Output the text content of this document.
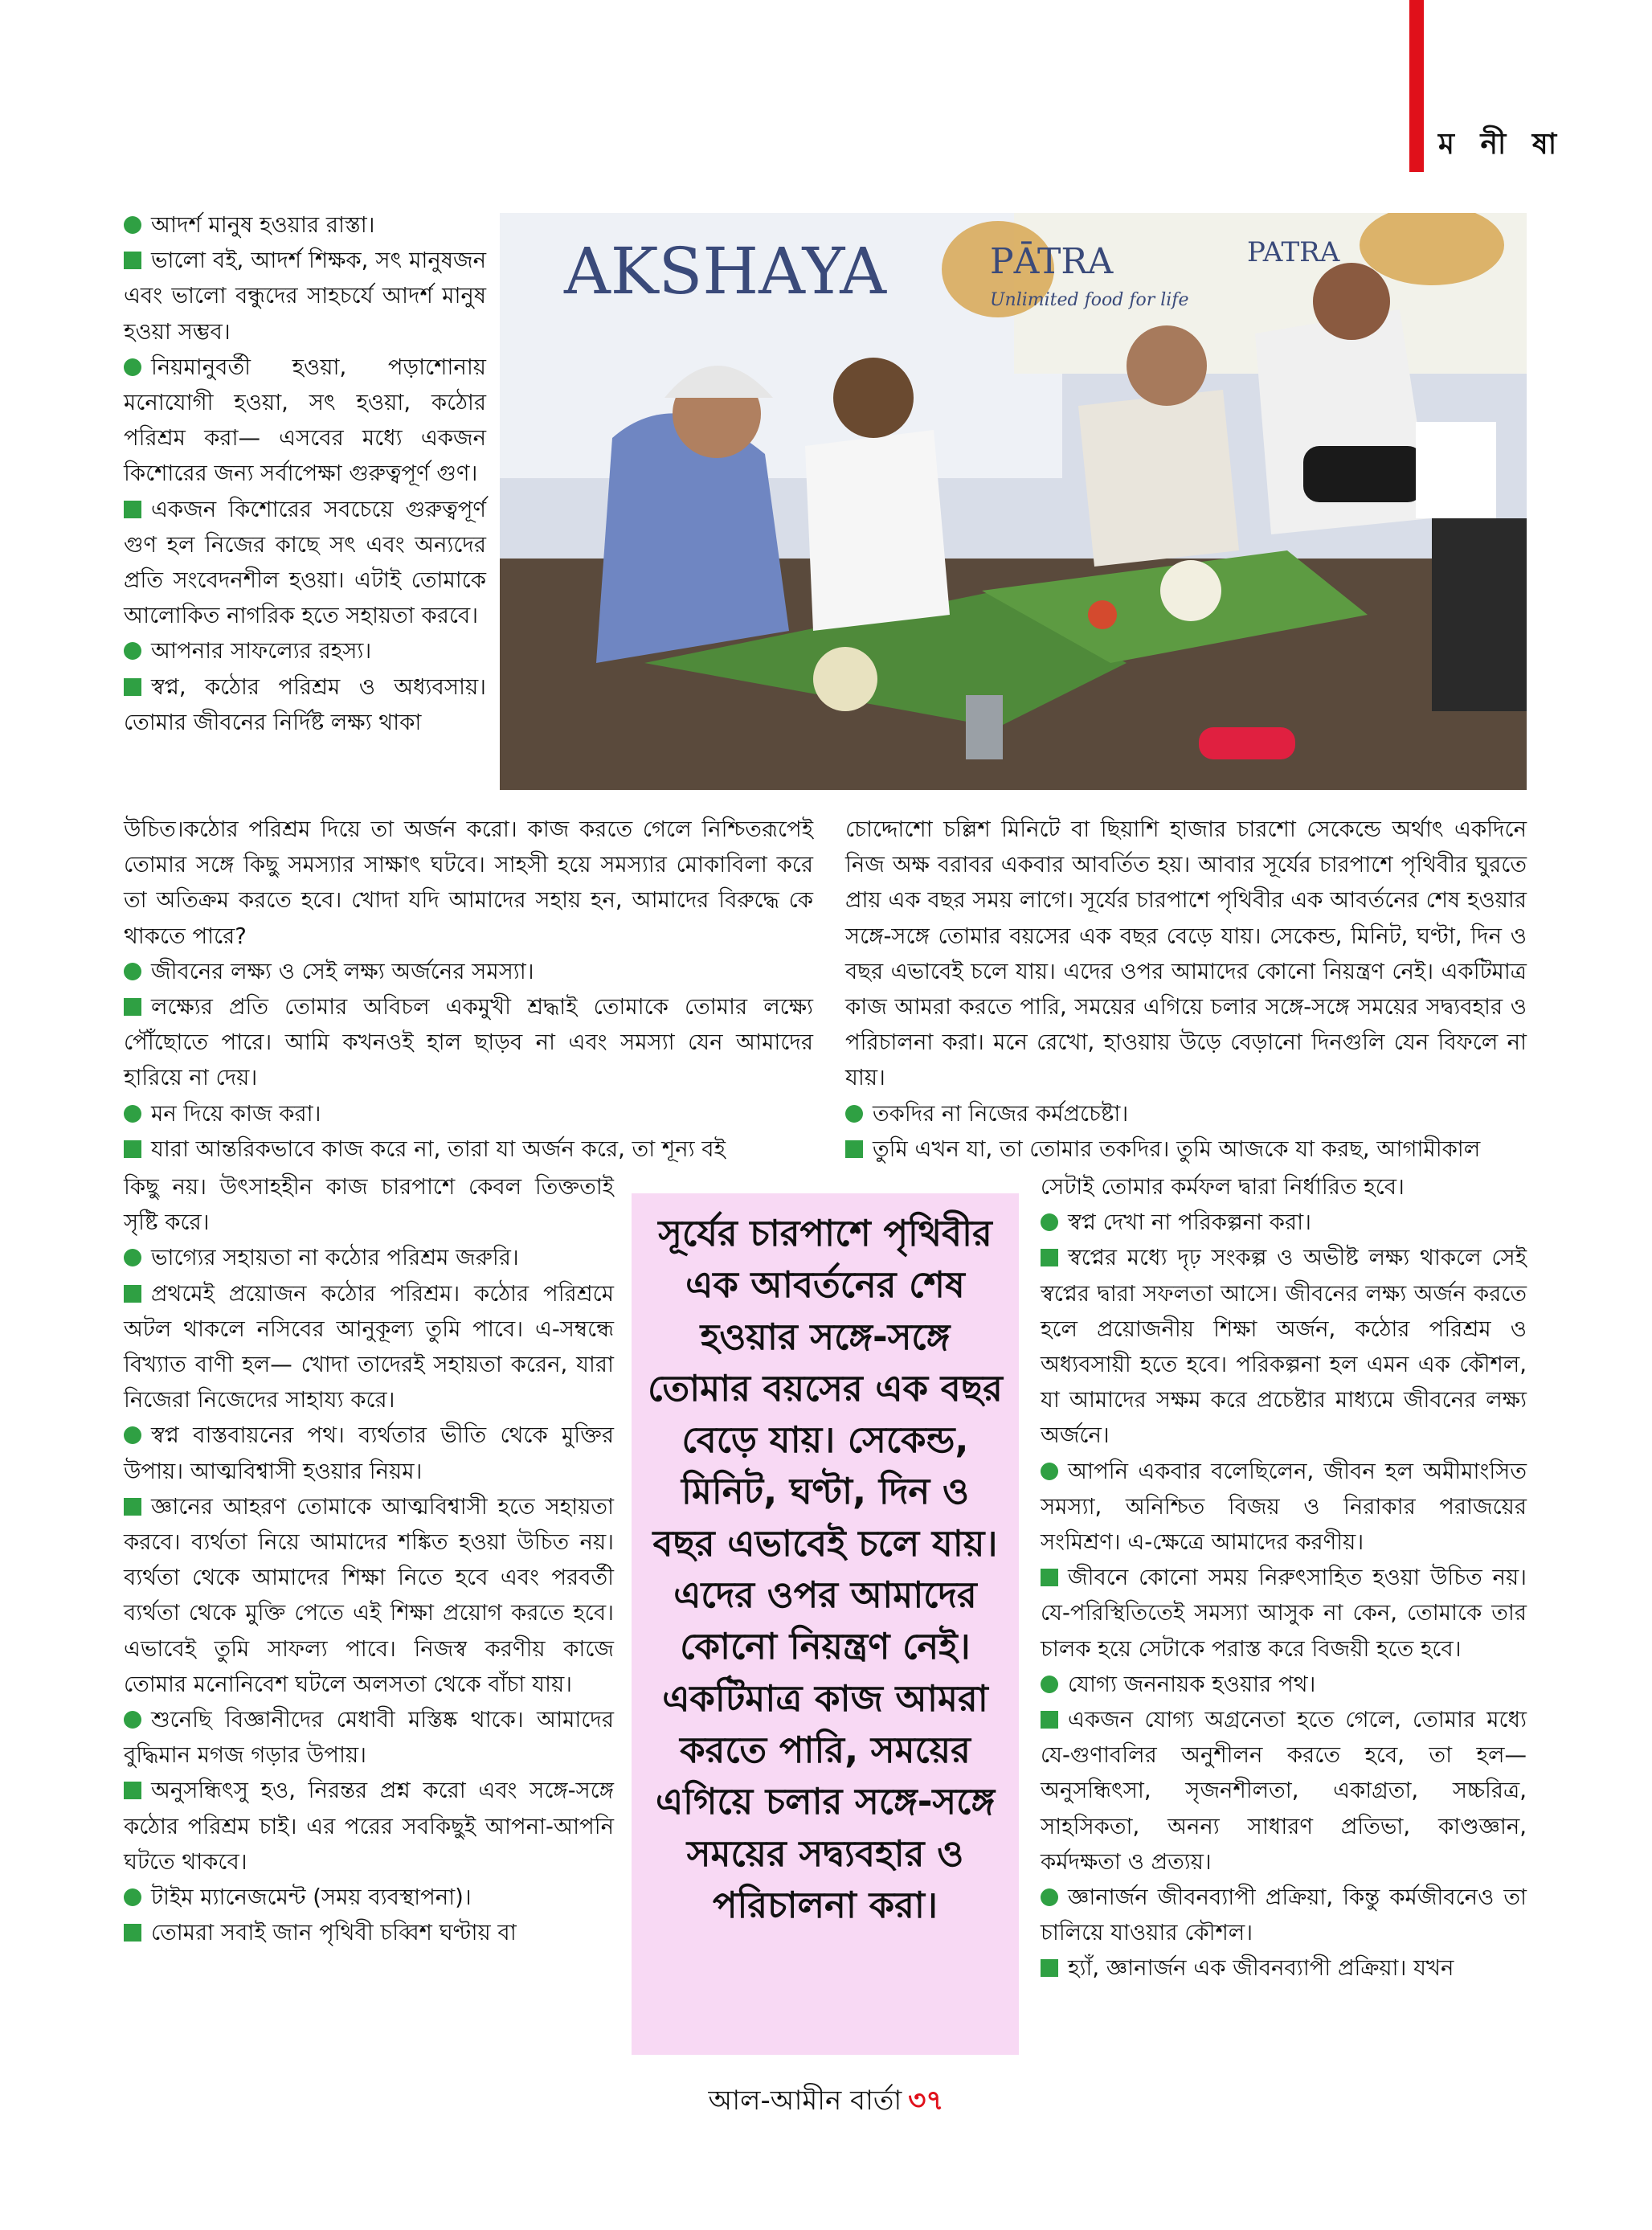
ম নী ষা
AKSHAYA	PĀTRA
Unlimited food for life
PATRA

আদর্শ মানুষ হওয়ার রাস্তা।

ভালো বই, আদর্শ শিক্ষক, সৎ মানুষজন এবং ভালো বন্ধুদের সাহচর্যে আদর্শ মানুষ হওয়া সম্ভব।

নিয়মানুবর্তী হওয়া, পড়াশোনায় মনোযোগী হওয়া, সৎ হওয়া, কঠোর পরিশ্রম করা— এসবের মধ্যে একজন কিশোরের জন্য সর্বাপেক্ষা গুরুত্বপূর্ণ গুণ।

একজন কিশোরের সবচেয়ে গুরুত্বপূর্ণ গুণ হল নিজের কাছে সৎ এবং অন্যদের প্রতি সংবেদনশীল হওয়া। এটাই তোমাকে আলোকিত নাগরিক হতে সহায়তা করবে।

আপনার সাফল্যের রহস্য।

স্বপ্ন, কঠোর পরিশ্রম ও অধ্যবসায়। তোমার জীবনের নির্দিষ্ট লক্ষ্য থাকা

উচিত।কঠোর পরিশ্রম দিয়ে তা অর্জন করো। কাজ করতে গেলে নিশ্চিতরূপেই তোমার সঙ্গে কিছু সমস্যার সাক্ষাৎ ঘটবে। সাহসী হয়ে সমস্যার মোকাবিলা করে তা অতিক্রম করতে হবে। খোদা যদি আমাদের সহায় হন, আমাদের বিরুদ্ধে কে থাকতে পারে?

জীবনের লক্ষ্য ও সেই লক্ষ্য অর্জনের সমস্যা।

লক্ষ্যের প্রতি তোমার অবিচল একমুখী শ্রদ্ধাই তোমাকে তোমার লক্ষ্যে পৌঁছোতে পারে। আমি কখনওই হাল ছাড়ব না এবং সমস্যা যেন আমাদের হারিয়ে না দেয়।

মন দিয়ে কাজ করা।

যারা আন্তরিকভাবে কাজ করে না, তারা যা অর্জন করে, তা শূন্য বই

কিছু নয়। উৎসাহহীন কাজ চারপাশে কেবল তিক্ততাই সৃষ্টি করে।

ভাগ্যের সহায়তা না কঠোর পরিশ্রম জরুরি।

প্রথমেই প্রয়োজন কঠোর পরিশ্রম। কঠোর পরিশ্রমে অটল থাকলে নসিবের আনুকূল্য তুমি পাবে। এ-সম্বন্ধে বিখ্যাত বাণী হল— খোদা তাদেরই সহায়তা করেন, যারা নিজেরা নিজেদের সাহায্য করে।

স্বপ্ন বাস্তবায়নের পথ। ব্যর্থতার ভীতি থেকে মুক্তির উপায়। আত্মবিশ্বাসী হওয়ার নিয়ম।

জ্ঞানের আহরণ তোমাকে আত্মবিশ্বাসী হতে সহায়তা করবে। ব্যর্থতা নিয়ে আমাদের শঙ্কিত হওয়া উচিত নয়। ব্যর্থতা থেকে আমাদের শিক্ষা নিতে হবে এবং পরবর্তী ব্যর্থতা থেকে মুক্তি পেতে এই শিক্ষা প্রয়োগ করতে হবে। এভাবেই তুমি সাফল্য পাবে। নিজস্ব করণীয় কাজে তোমার মনোনিবেশ ঘটলে অলসতা থেকে বাঁচা যায়।

শুনেছি বিজ্ঞানীদের মেধাবী মস্তিষ্ক থাকে। আমাদের বুদ্ধিমান মগজ গড়ার উপায়।

অনুসন্ধিৎসু হও, নিরন্তর প্রশ্ন করো এবং সঙ্গে-সঙ্গে কঠোর পরিশ্রম চাই। এর পরের সবকিছুই আপনা-আপনি ঘটতে থাকবে।

টাইম ম্যানেজমেন্ট (সময় ব্যবস্থাপনা)।

তোমরা সবাই জান পৃথিবী চব্বিশ ঘণ্টায় বা

চোদ্দোশো চল্লিশ মিনিটে বা ছিয়াশি হাজার চারশো সেকেন্ডে অর্থাৎ একদিনে নিজ অক্ষ বরাবর একবার আবর্তিত হয়। আবার সূর্যের চারপাশে পৃথিবীর ঘুরতে প্রায় এক বছর সময় লাগে। সূর্যের চারপাশে পৃথিবীর এক আবর্তনের শেষ হওয়ার সঙ্গে-সঙ্গে তোমার বয়সের এক বছর বেড়ে যায়। সেকেন্ড, মিনিট, ঘণ্টা, দিন ও বছর এভাবেই চলে যায়। এদের ওপর আমাদের কোনো নিয়ন্ত্রণ নেই। একটিমাত্র কাজ আমরা করতে পারি, সময়ের এগিয়ে চলার সঙ্গে-সঙ্গে সময়ের সদ্ব্যবহার ও পরিচালনা করা। মনে রেখো, হাওয়ায় উড়ে বেড়ানো দিনগুলি যেন বিফলে না যায়।

তকদির না নিজের কর্মপ্রচেষ্টা।

তুমি এখন যা, তা তোমার তকদির। তুমি আজকে যা করছ, আগামীকাল

সেটাই তোমার কর্মফল দ্বারা নির্ধারিত হবে।

স্বপ্ন দেখা না পরিকল্পনা করা।

স্বপ্নের মধ্যে দৃঢ় সংকল্প ও অভীষ্ট লক্ষ্য থাকলে সেই স্বপ্নের দ্বারা সফলতা আসে। জীবনের লক্ষ্য অর্জন করতে হলে প্রয়োজনীয় শিক্ষা অর্জন, কঠোর পরিশ্রম ও অধ্যবসায়ী হতে হবে। পরিকল্পনা হল এমন এক কৌশল, যা আমাদের সক্ষম করে প্রচেষ্টার মাধ্যমে জীবনের লক্ষ্য অর্জনে।

আপনি একবার বলেছিলেন, জীবন হল অমীমাংসিত সমস্যা, অনিশ্চিত বিজয় ও নিরাকার পরাজয়ের সংমিশ্রণ। এ-ক্ষেত্রে আমাদের করণীয়।

জীবনে কোনো সময় নিরুৎসাহিত হওয়া উচিত নয়। যে-পরিস্থিতিতেই সমস্যা আসুক না কেন, তোমাকে তার চালক হয়ে সেটাকে পরাস্ত করে বিজয়ী হতে হবে।

যোগ্য জননায়ক হওয়ার পথ।

একজন যোগ্য অগ্রনেতা হতে গেলে, তোমার মধ্যে যে-গুণাবলির অনুশীলন করতে হবে, তা হল— অনুসন্ধিৎসা, সৃজনশীলতা, একাগ্রতা, সচ্চরিত্র, সাহসিকতা, অনন্য সাধারণ প্রতিভা, কাণ্ডজ্ঞান, কর্মদক্ষতা ও প্রত্যয়।

জ্ঞানার্জন জীবনব্যাপী প্রক্রিয়া, কিন্তু কর্মজীবনেও তা চালিয়ে যাওয়ার কৌশল।

হ্যাঁ, জ্ঞানার্জন এক জীবনব্যাপী প্রক্রিয়া। যখন

সূর্যের চারপাশে পৃথিবীর এক আবর্তনের শেষ হওয়ার সঙ্গে-সঙ্গে তোমার বয়সের এক বছর বেড়ে যায়। সেকেন্ড, মিনিট, ঘণ্টা, দিন ও বছর এভাবেই চলে যায়। এদের ওপর আমাদের কোনো নিয়ন্ত্রণ নেই। একটিমাত্র কাজ আমরা করতে পারি, সময়ের এগিয়ে চলার সঙ্গে-সঙ্গে সময়ের সদ্ব্যবহার ও পরিচালনা করা।
আল-আমীন বার্তা ৩৭
